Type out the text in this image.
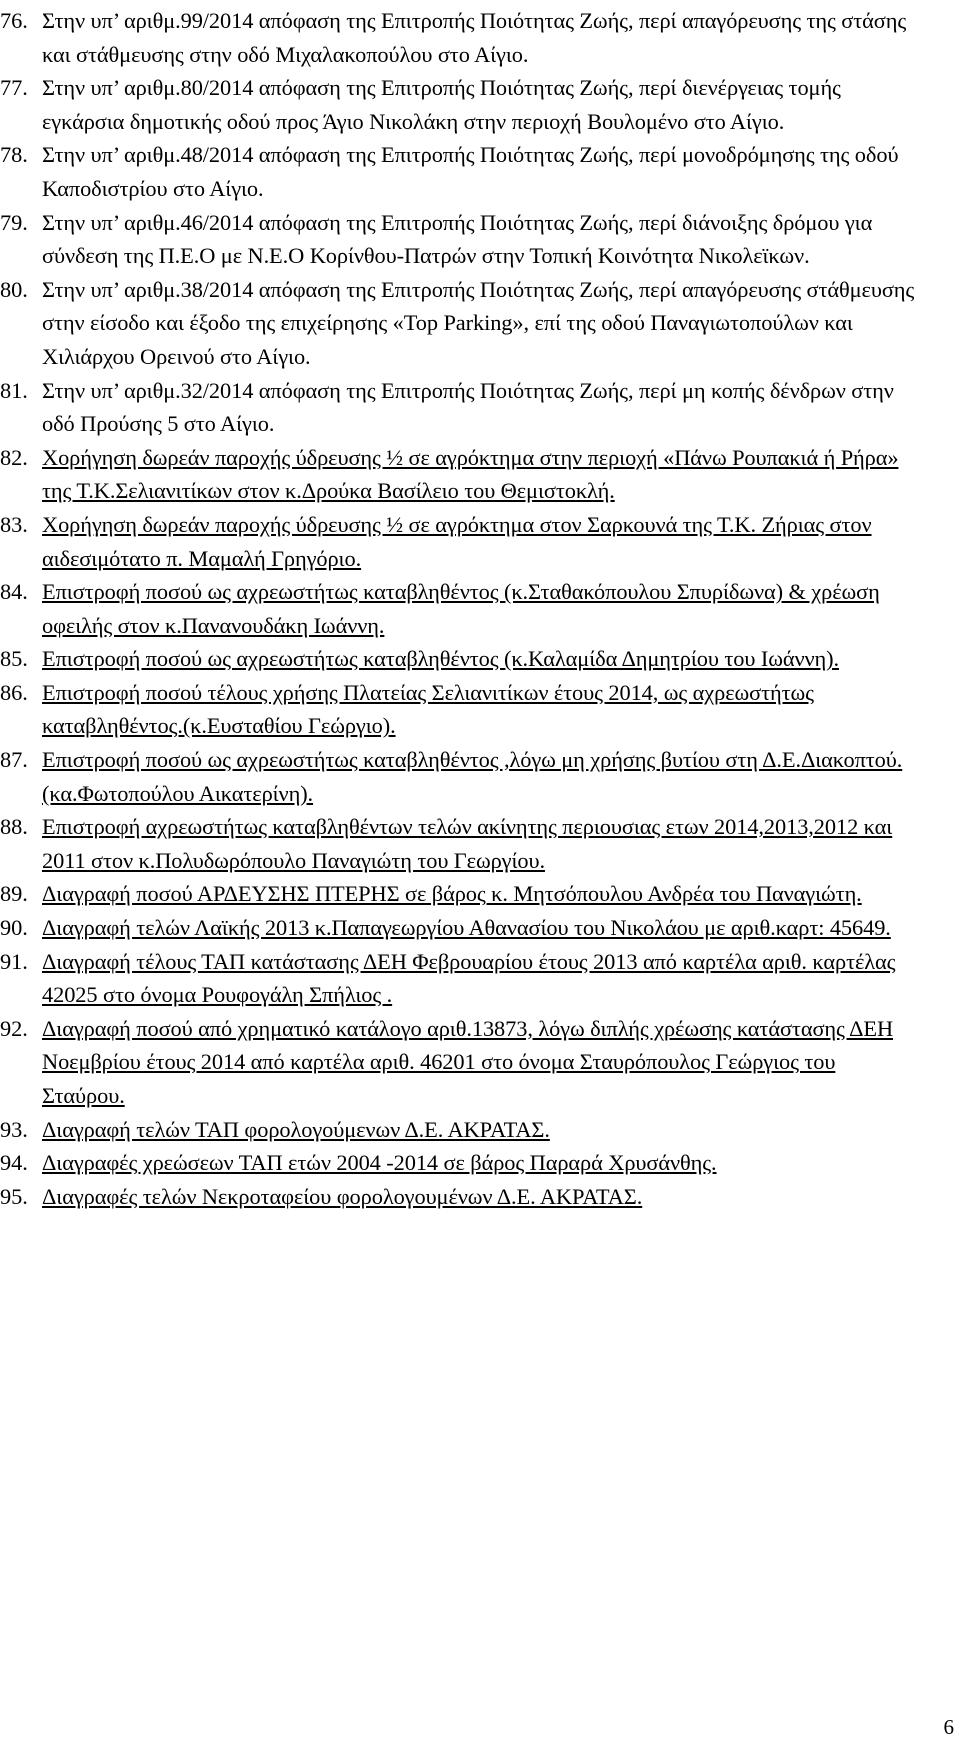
76. Στην υπ’ αριθμ.99/2014 απόφαση της Επιτροπής Ποιότητας Ζωής, περί απαγόρευσης της στάσης και στάθμευσης στην οδό Μιχαλακοπούλου στο Αίγιο.
77. Στην υπ’ αριθμ.80/2014 απόφαση της Επιτροπής Ποιότητας Ζωής, περί διενέργειας τομής εγκάρσια δημοτικής οδού προς Άγιο Νικολάκη στην περιοχή Βουλομένο στο Αίγιο.
78. Στην υπ’ αριθμ.48/2014 απόφαση της Επιτροπής Ποιότητας Ζωής, περί μονοδρόμησης της οδού Καποδιστρίου στο Αίγιο.
79. Στην υπ’ αριθμ.46/2014 απόφαση της Επιτροπής Ποιότητας Ζωής, περί διάνοιξης δρόμου για σύνδεση της Π.Ε.Ο με Ν.Ε.Ο Κορίνθου-Πατρών στην Τοπική Κοινότητα Νικολεϊκων.
80. Στην υπ’ αριθμ.38/2014 απόφαση της Επιτροπής Ποιότητας Ζωής, περί απαγόρευσης στάθμευσης στην είσοδο και έξοδο της επιχείρησης «Top Parking», επί της οδού Παναγιωτοπούλων και Χιλιάρχου Ορεινού στο Αίγιο.
81. Στην υπ’ αριθμ.32/2014 απόφαση της Επιτροπής Ποιότητας Ζωής, περί μη κοπής δένδρων στην οδό Προύσης 5 στο Αίγιο.
82. Χορήγηση δωρεάν παροχής ύδρευσης ½ σε αγρόκτημα στην περιοχή «Πάνω Ρουπακιά ή Ρήρα» της Τ.Κ.Σελιανιτίκων στον κ.Δρούκα Βασίλειο του Θεμιστοκλή.
83. Χορήγηση δωρεάν παροχής ύδρευσης ½ σε αγρόκτημα στον Σαρκουνά της Τ.Κ. Ζήριας στον αιδεσιμότατο π. Μαμαλή Γρηγόριο.
84. Επιστροφή ποσού ως αχρεωστήτως καταβληθέντος (κ.Σταθακόπουλου Σπυρίδωνα) & χρέωση οφειλής στον κ.Πανανουδάκη Ιωάννη.
85. Επιστροφή ποσού ως αχρεωστήτως καταβληθέντος (κ.Καλαμίδα Δημητρίου του Ιωάννη).
86. Επιστροφή ποσού τέλους χρήσης Πλατείας Σελιανιτίκων έτους 2014, ως αχρεωστήτως καταβληθέντος.(κ.Ευσταθίου Γεώργιο).
87. Επιστροφή ποσού ως αχρεωστήτως καταβληθέντος ,λόγω μη χρήσης βυτίου στη Δ.Ε.Διακοπτού.(κα.Φωτοπούλου Αικατερίνη).
88. Επιστροφή αχρεωστήτως καταβληθέντων τελών ακίνητης περιουσιας ετων 2014,2013,2012 και 2011 στον κ.Πολυδωρόπουλο Παναγιώτη του Γεωργίου.
89. Διαγραφή ποσού ΑΡΔΕΥΣΗΣ ΠΤΕΡΗΣ σε βάρος κ. Μητσόπουλου Ανδρέα του Παναγιώτη.
90. Διαγραφή τελών Λαϊκής 2013 κ.Παπαγεωργίου Αθανασίου του Νικολάου με αριθ.καρτ: 45649.
91. Διαγραφή τέλους ΤΑΠ κατάστασης ΔΕΗ Φεβρουαρίου έτους 2013 από καρτέλα αριθ. καρτέλας 42025 στο όνομα Ρουφογάλη Σπήλιος .
92. Διαγραφή ποσού από χρηματικό κατάλογο αριθ.13873, λόγω διπλής χρέωσης κατάστασης ΔΕΗ Νοεμβρίου έτους 2014 από καρτέλα αριθ. 46201 στο όνομα Σταυρόπουλος Γεώργιος του Σταύρου.
93. Διαγραφή τελών ΤΑΠ φορολογούμενων Δ.Ε. ΑΚΡΑΤΑΣ.
94. Διαγραφές χρεώσεων ΤΑΠ ετών 2004 -2014 σε βάρος Παραρά Χρυσάνθης.
95. Διαγραφές τελών Νεκροταφείου φορολογουμένων Δ.Ε. ΑΚΡΑΤΑΣ.
6
